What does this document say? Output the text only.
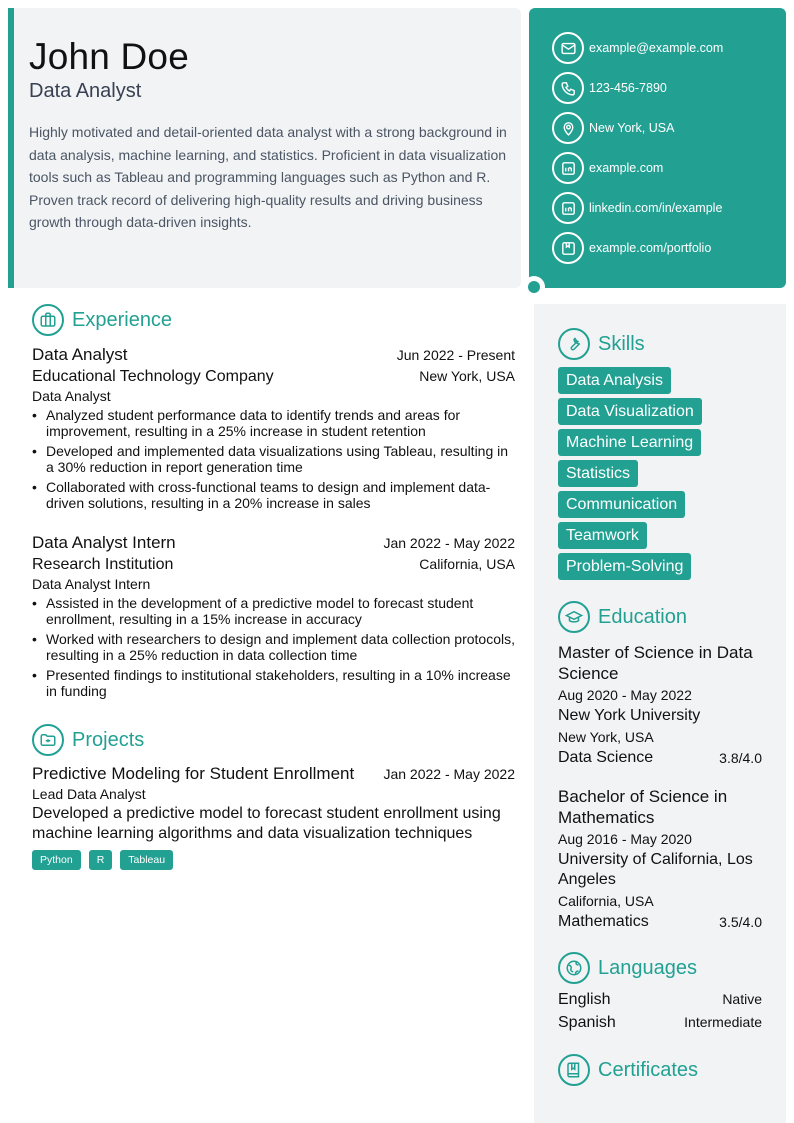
John Doe
Data Analyst
Highly motivated and detail-oriented data analyst with a strong background in data analysis, machine learning, and statistics. Proficient in data visualization tools such as Tableau and programming languages such as Python and R. Proven track record of delivering high-quality results and driving business growth through data-driven insights.
example@example.com
123-456-7890
New York, USA
example.com
linkedin.com/in/example
example.com/portfolio
Experience
Data Analyst	Jun 2022 - Present
Educational Technology Company	New York, USA
Data Analyst
• Analyzed student performance data to identify trends and areas for improvement, resulting in a 25% increase in student retention
• Developed and implemented data visualizations using Tableau, resulting in a 30% reduction in report generation time
• Collaborated with cross-functional teams to design and implement data-driven solutions, resulting in a 20% increase in sales
Data Analyst Intern	Jan 2022 - May 2022
Research Institution	California, USA
Data Analyst Intern
• Assisted in the development of a predictive model to forecast student enrollment, resulting in a 15% increase in accuracy
• Worked with researchers to design and implement data collection protocols, resulting in a 25% reduction in data collection time
• Presented findings to institutional stakeholders, resulting in a 10% increase in funding
Projects
Predictive Modeling for Student Enrollment Jan 2022 - May 2022
Lead Data Analyst
Developed a predictive model to forecast student enrollment using machine learning algorithms and data visualization techniques
Python	R	Tableau
Skills
Data Analysis
Data Visualization
Machine Learning
Statistics
Communication
Teamwork
Problem-Solving
Education
Master of Science in Data Science
Aug 2020 - May 2022
New York University
New York, USA
Data Science	3.8/4.0
Bachelor of Science in Mathematics
Aug 2016 - May 2020
University of California, Los Angeles
California, USA
Mathematics	3.5/4.0
Languages
English	Native
Spanish	Intermediate
Certificates
